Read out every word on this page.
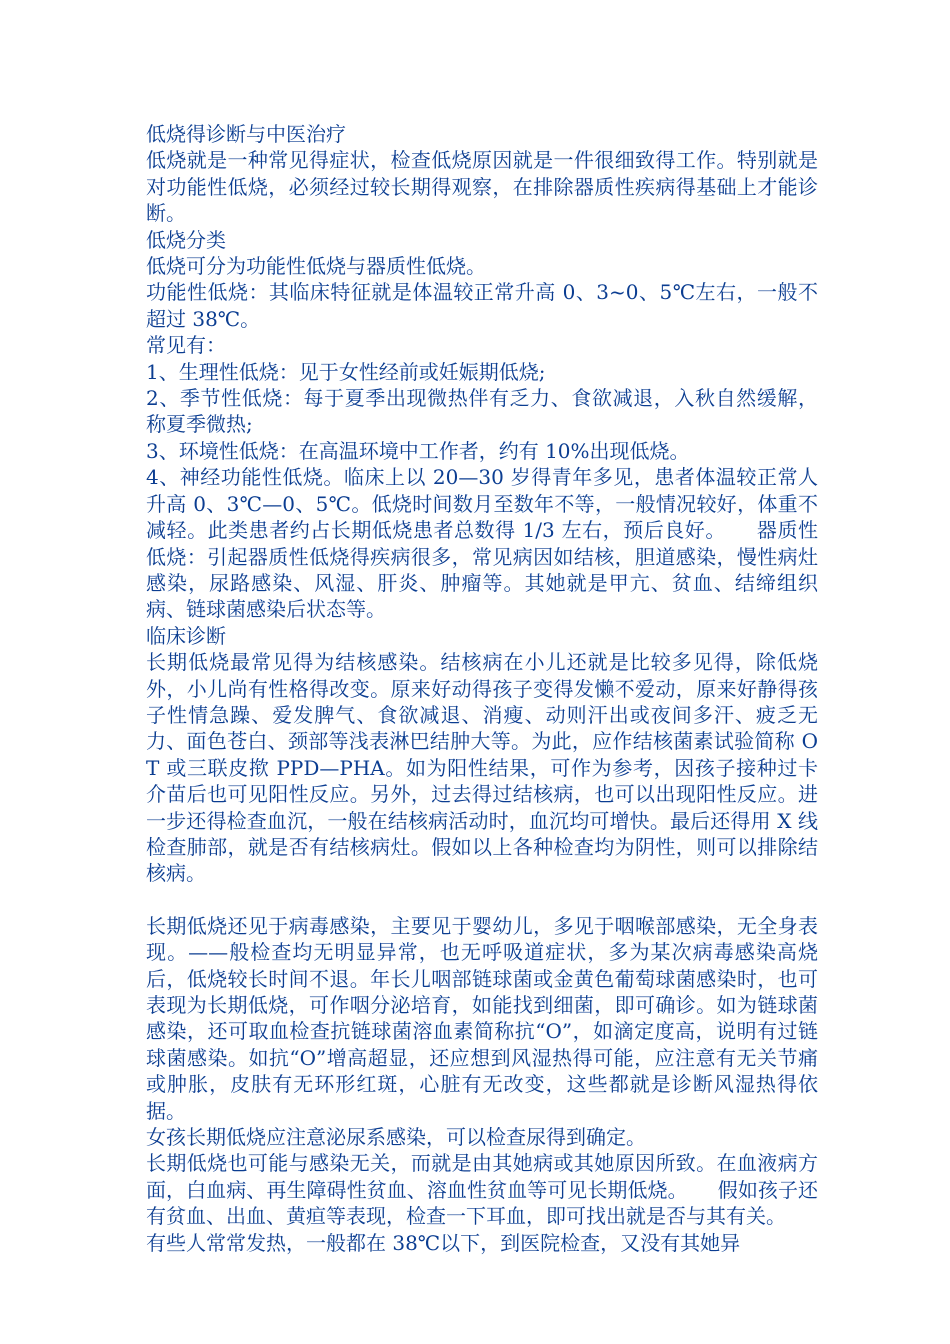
低烧得诊断与中医治疗

低烧就是一种常见得症状，检查低烧原因就是一件很细致得工作。特别就是对功能性低烧，必须经过较长期得观察，在排除器质性疾病得基础上才能诊断。

低烧分类

低烧可分为功能性低烧与器质性低烧。

功能性低烧：其临床特征就是体温较正常升高 0、3~0、5℃左右，一般不超过 38℃。

常见有：

1、生理性低烧：见于女性经前或妊娠期低烧;

2、季节性低烧：每于夏季出现微热伴有乏力、食欲减退，入秋自然缓解，称夏季微热;

3、环境性低烧：在高温环境中工作者，约有 10%出现低烧。

4、神经功能性低烧。临床上以 20—30 岁得青年多见，患者体温较正常人升高 0、3℃—0、5℃。低烧时间数月至数年不等，一般情况较好，体重不减轻。此类患者约占长期低烧患者总数得 1/3 左右，预后良好。　　器质性低烧：引起器质性低烧得疾病很多，常见病因如结核，胆道感染，慢性病灶感染，尿路感染、风湿、肝炎、肿瘤等。其她就是甲亢、贫血、结缔组织病、链球菌感染后状态等。

临床诊断

长期低烧最常见得为结核感染。结核病在小儿还就是比较多见得，除低烧外，小儿尚有性格得改变。原来好动得孩子变得发懒不爱动，原来好静得孩子性情急躁、爱发脾气、食欲减退、消瘦、动则汗出或夜间多汗、疲乏无力、面色苍白、颈部等浅表淋巴结肿大等。为此，应作结核菌素试验简称 OT 或三联皮揿 PPD—PHA。如为阳性结果，可作为参考，因孩子接种过卡介苗后也可见阳性反应。另外，过去得过结核病，也可以出现阳性反应。进一步还得检查血沉，一般在结核病活动时，血沉均可增快。最后还得用 X 线检查肺部，就是否有结核病灶。假如以上各种检查均为阴性，则可以排除结核病。

长期低烧还见于病毒感染，主要见于婴幼儿，多见于咽喉部感染，无全身表现。——般检查均无明显异常，也无呼吸道症状，多为某次病毒感染高烧后，低烧较长时间不退。年长儿咽部链球菌或金黄色葡萄球菌感染时，也可表现为长期低烧，可作咽分泌培育，如能找到细菌，即可确诊。如为链球菌感染，还可取血检查抗链球菌溶血素简称抗“O”，如滴定度高，说明有过链球菌感染。如抗“O”增高超显，还应想到风湿热得可能，应注意有无关节痛或肿胀，皮肤有无环形红斑，心脏有无改变，这些都就是诊断风湿热得依据。

女孩长期低烧应注意泌尿系感染，可以检查尿得到确定。

长期低烧也可能与感染无关，而就是由其她病或其她原因所致。在血液病方面，白血病、再生障碍性贫血、溶血性贫血等可见长期低烧。　　假如孩子还有贫血、出血、黄疸等表现，检查一下耳血，即可找出就是否与其有关。

有些人常常发热，一般都在 38℃以下，到医院检查，又没有其她异
